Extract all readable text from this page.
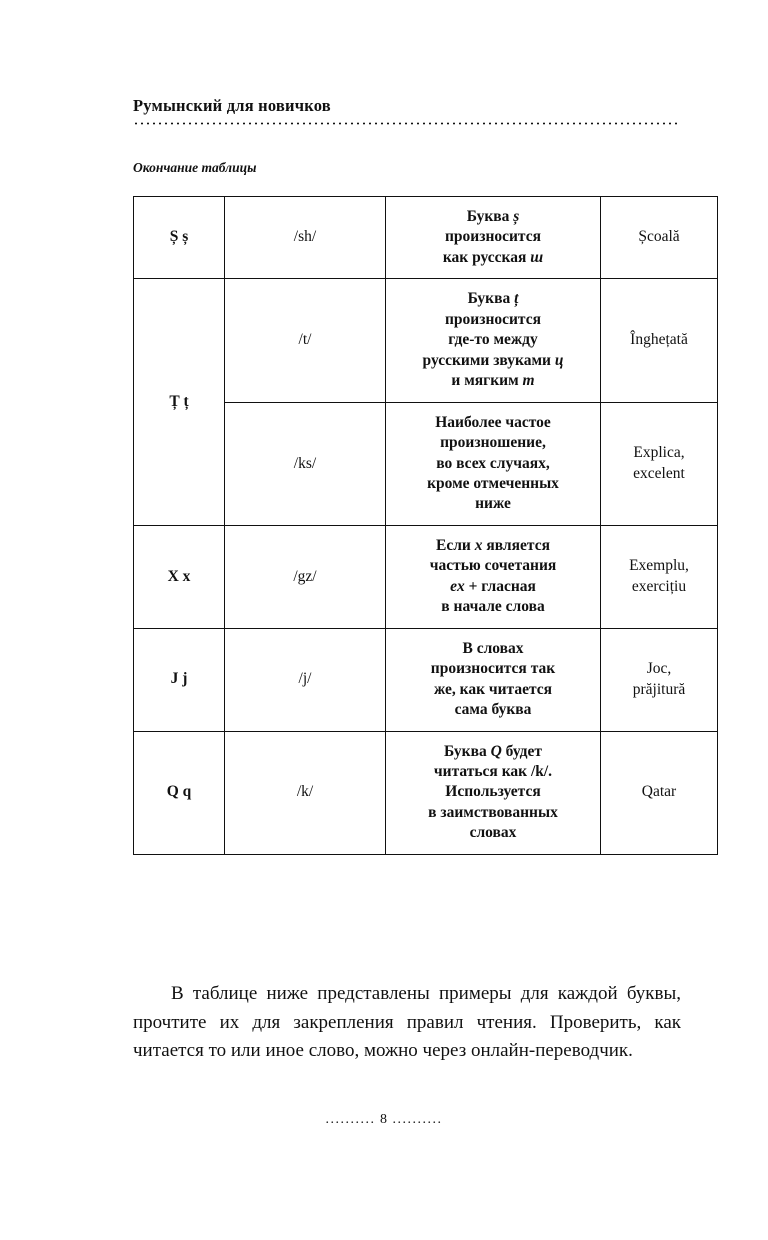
Румынский для новичков
Окончание таблицы
Ș ș	/sh/	Буква ș
произносится
как русская ш	Școală
Ț ț	/t/	Буква ț
произносится
где-то между
русскими звуками ц
и мягким т	Înghețată
	/ks/	Наиболее частое
произношение,
во всех случаях,
кроме отмеченных
ниже	Explica,
excelent
X x	/gz/	Если x является
частью сочетания
ex + гласная
в начале слова	Exemplu,
exercițiu
J j	/j/	В словах
произносится так
же, как читается
сама буква	Joc,
prăjitură
Q q	/k/	Буква Q будет
читаться как /k/.
Используется
в заимствованных
словах	Qatar
В таблице ниже представлены примеры для каждой буквы, прочтите их для закрепления правил чтения. Проверить, как читается то или иное слово, можно через онлайн-переводчик.
.......... 8 ..........
